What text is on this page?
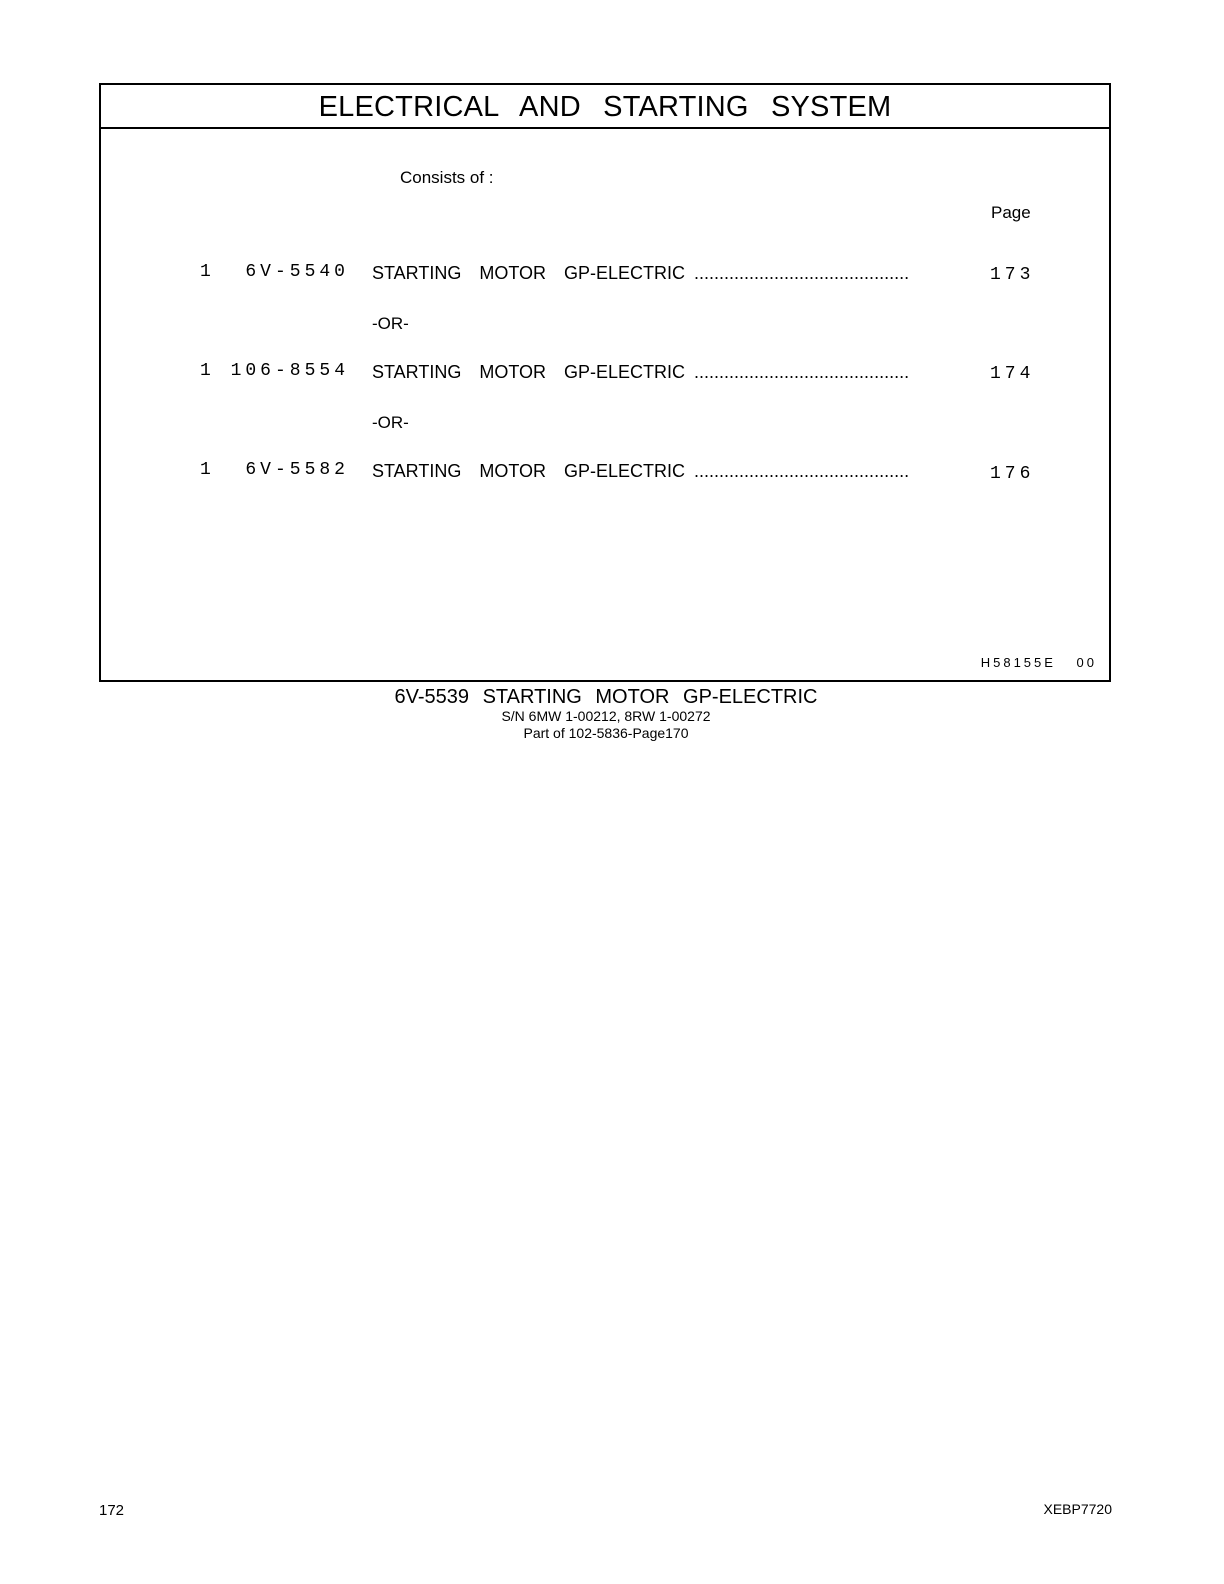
ELECTRICAL AND STARTING SYSTEM
Consists of :
Page
1	6V-5540 STARTING  MOTOR  GP-ELECTRIC ...........................................	173
-OR-
1	106-8554 STARTING  MOTOR  GP-ELECTRIC ...........................................	174
-OR-
1	6V-5582 STARTING  MOTOR  GP-ELECTRIC ...........................................	176
H58155E 00
6V-5539 STARTING MOTOR GP-ELECTRIC
S/N 6MW 1-00212, 8RW 1-00272
Part of 102-5836-Page170
172	XEBP7720
